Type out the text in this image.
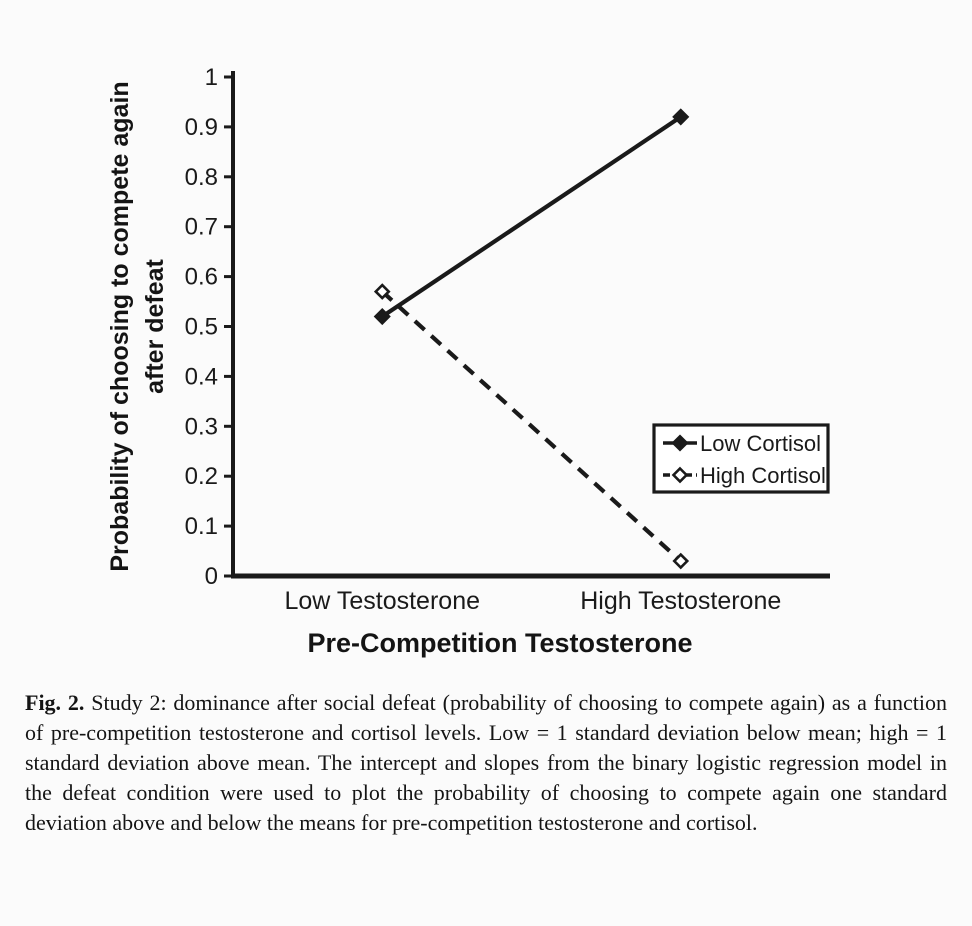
0
0.1
0.2
0.3
0.4
0.5
0.6
0.7
0.8
0.9
1
Low Testosterone	High Testosterone
Pre-Competition Testosterone
Probability of choosing to compete again after defeat
Low Cortisol
High Cortisol
Fig. 2. Study 2: dominance after social defeat (probability of choosing to compete again) as a function of pre-competition testosterone and cortisol levels. Low = 1 standard deviation below mean; high = 1 standard deviation above mean. The intercept and slopes from the binary logistic regression model in the defeat condition were used to plot the probability of choosing to compete again one standard deviation above and below the means for pre-competition testosterone and cortisol.
